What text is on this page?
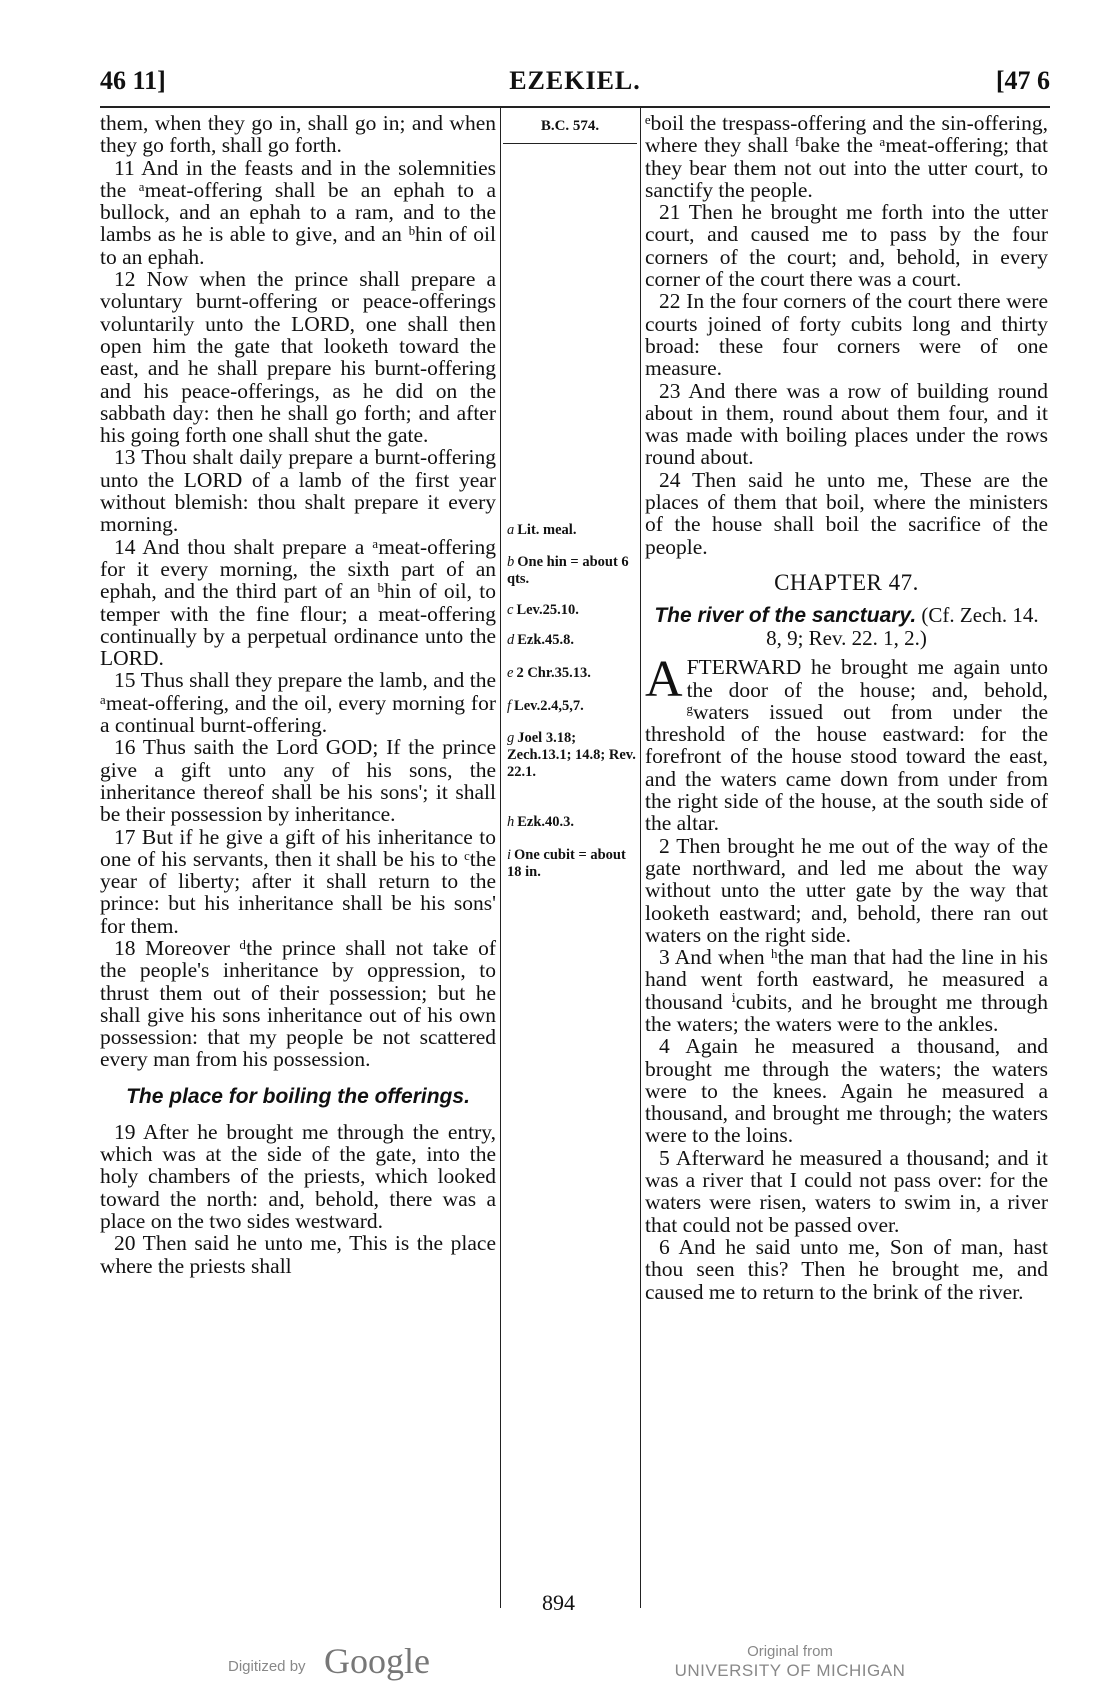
46 11]	EZEKIEL.	[47 6

them, when they go in, shall go in; and when they go forth, shall go forth.

11 And in the feasts and in the solemnities the ᵃmeat-offering shall be an ephah to a bullock, and an ephah to a ram, and to the lambs as he is able to give, and an ᵇhin of oil to an ephah.

12 Now when the prince shall prepare a voluntary burnt-offering or peace-offerings voluntarily unto the LORD, one shall then open him the gate that looketh toward the east, and he shall prepare his burnt-offering and his peace-offerings, as he did on the sabbath day: then he shall go forth; and after his going forth one shall shut the gate.

13 Thou shalt daily prepare a burnt-offering unto the LORD of a lamb of the first year without blemish: thou shalt prepare it every morning.

14 And thou shalt prepare a ᵃmeat-offering for it every morning, the sixth part of an ephah, and the third part of an ᵇhin of oil, to temper with the fine flour; a meat-offering continually by a perpetual ordinance unto the LORD.

15 Thus shall they prepare the lamb, and the ᵃmeat-offering, and the oil, every morning for a continual burnt-offering.

16 Thus saith the Lord GOD; If the prince give a gift unto any of his sons, the inheritance thereof shall be his sons'; it shall be their possession by inheritance.

17 But if he give a gift of his inheritance to one of his servants, then it shall be his to ᶜthe year of liberty; after it shall return to the prince: but his inheritance shall be his sons' for them.

18 Moreover ᵈthe prince shall not take of the people's inheritance by oppression, to thrust them out of their possession; but he shall give his sons inheritance out of his own possession: that my people be not scattered every man from his possession.

The place for boiling the offerings.

19 After he brought me through the entry, which was at the side of the gate, into the holy chambers of the priests, which looked toward the north: and, behold, there was a place on the two sides westward.

20 Then said he unto me, This is the place where the priests shall

B.C. 574.
a Lit. meal.
b One hin = about 6 qts.
c Lev.25.10.
d Ezk.45.8.
e 2 Chr.35.13.
f Lev.2.4,5,7.
g Joel 3.18; Zech.13.1; 14.8; Rev. 22.1.
h Ezk.40.3.
i One cubit = about 18 in.

ᵉboil the trespass-offering and the sin-offering, where they shall ᶠbake the ᵃmeat-offering; that they bear them not out into the utter court, to sanctify the people.

21 Then he brought me forth into the utter court, and caused me to pass by the four corners of the court; and, behold, in every corner of the court there was a court.

22 In the four corners of the court there were courts joined of forty cubits long and thirty broad: these four corners were of one measure.

23 And there was a row of building round about in them, round about them four, and it was made with boiling places under the rows round about.

24 Then said he unto me, These are the places of them that boil, where the ministers of the house shall boil the sacrifice of the people.

CHAPTER 47.
The river of the sanctuary. (Cf. Zech. 14. 8, 9; Rev. 22. 1, 2.)

AFTERWARD he brought me again unto the door of the house; and, behold, ᵍwaters issued out from under the threshold of the house eastward: for the forefront of the house stood toward the east, and the waters came down from under from the right side of the house, at the south side of the altar.

2 Then brought he me out of the way of the gate northward, and led me about the way without unto the utter gate by the way that looketh eastward; and, behold, there ran out waters on the right side.

3 And when ʰthe man that had the line in his hand went forth eastward, he measured a thousand ⁱcubits, and he brought me through the waters; the waters were to the ankles.

4 Again he measured a thousand, and brought me through the waters; the waters were to the knees. Again he measured a thousand, and brought me through; the waters were to the loins.

5 Afterward he measured a thousand; and it was a river that I could not pass over: for the waters were risen, waters to swim in, a river that could not be passed over.

6 And he said unto me, Son of man, hast thou seen this? Then he brought me, and caused me to return to the brink of the river.

894
Digitized by Google	Original from
UNIVERSITY OF MICHIGAN
